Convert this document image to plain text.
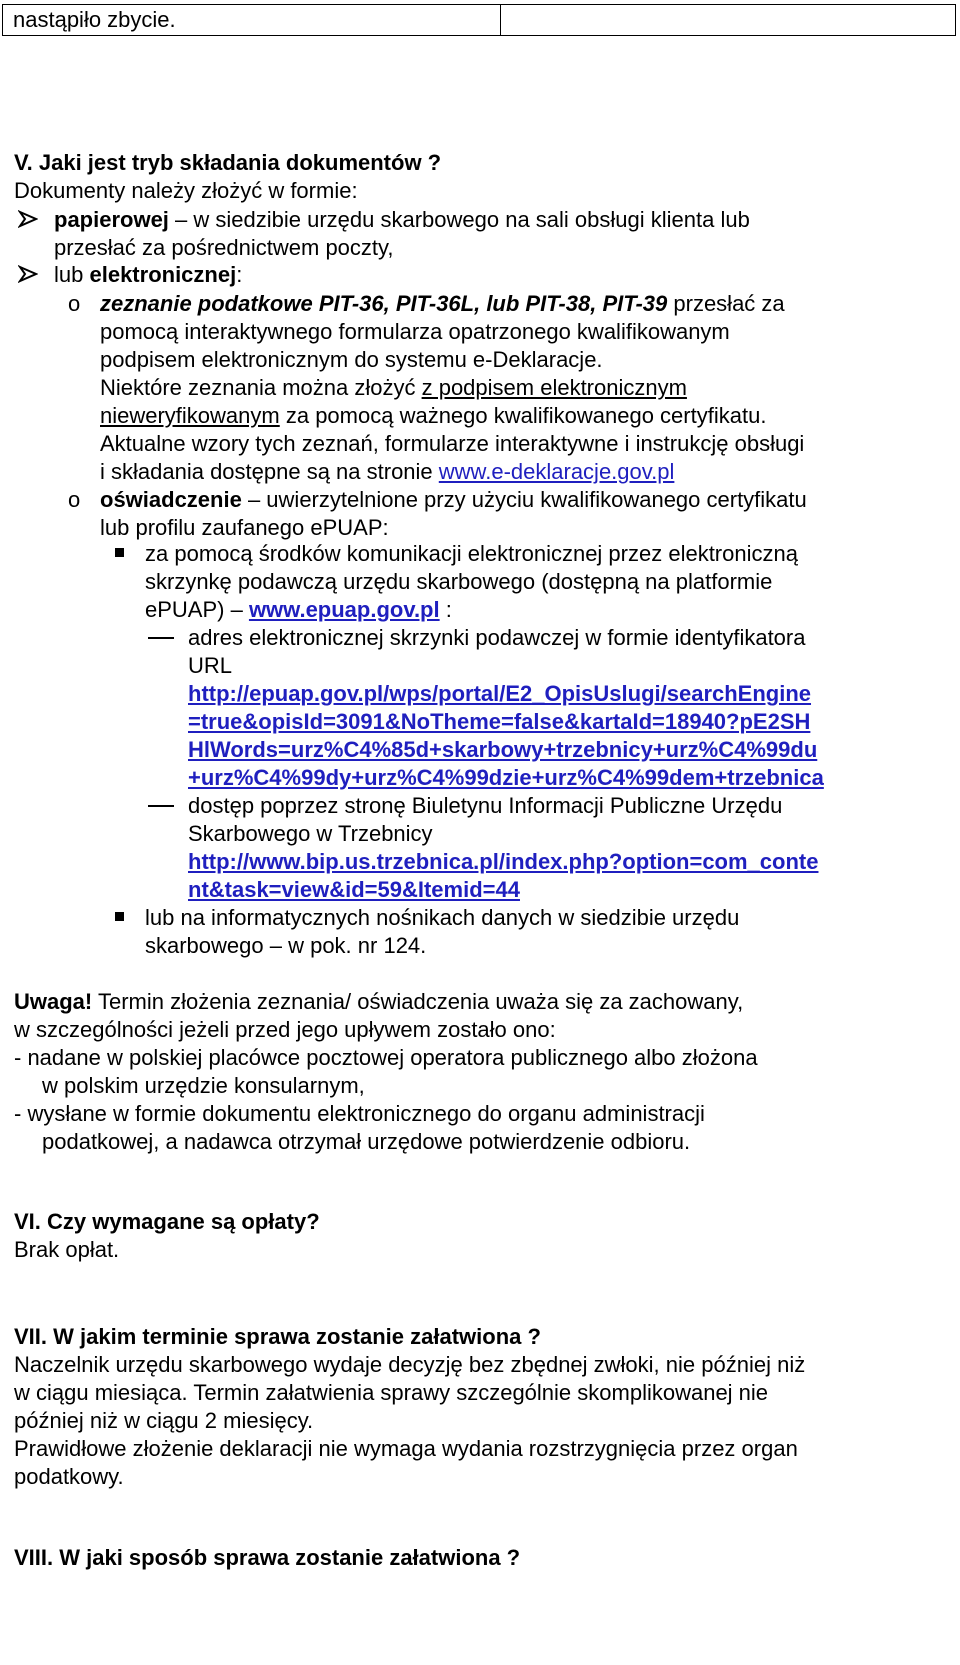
nastąpiło zbycie.	
V. Jaki jest tryb składania dokumentów ?
Dokumenty należy złożyć w formie:
papierowej – w siedzibie urzędu skarbowego na sali obsługi klienta lub
przesłać za pośrednictwem poczty,
lub elektronicznej:
o zeznanie podatkowe PIT-36, PIT-36L, lub PIT-38, PIT-39 przesłać za
pomocą interaktywnego formularza opatrzonego kwalifikowanym
podpisem elektronicznym do systemu e-Deklaracje.
Niektóre zeznania można złożyć z podpisem elektronicznym
nieweryfikowanym za pomocą ważnego kwalifikowanego certyfikatu.
Aktualne wzory tych zeznań, formularze interaktywne i instrukcję obsługi
i składania dostępne są na stronie www.e-deklaracje.gov.pl
o oświadczenie – uwierzytelnione przy użyciu kwalifikowanego certyfikatu
lub profilu zaufanego ePUAP:
za pomocą środków komunikacji elektronicznej przez elektroniczną
skrzynkę podawczą urzędu skarbowego (dostępną na platformie
ePUAP) – www.epuap.gov.pl :
adres elektronicznej skrzynki podawczej w formie identyfikatora
URL
http://epuap.gov.pl/wps/portal/E2_OpisUslugi/searchEngine
=true&opisId=3091&NoTheme=false&kartaId=18940?pE2SH
HlWords=urz%C4%85d+skarbowy+trzebnicy+urz%C4%99du
+urz%C4%99dy+urz%C4%99dzie+urz%C4%99dem+trzebnica
dostęp poprzez stronę Biuletynu Informacji Publiczne Urzędu
Skarbowego w Trzebnicy
http://www.bip.us.trzebnica.pl/index.php?option=com_conte
nt&task=view&id=59&Itemid=44
lub na informatycznych nośnikach danych w siedzibie urzędu
skarbowego – w pok. nr 124.
Uwaga! Termin złożenia zeznania/ oświadczenia uważa się za zachowany,
w szczególności jeżeli przed jego upływem zostało ono:
- nadane w polskiej placówce pocztowej operatora publicznego albo złożona
w polskim urzędzie konsularnym,
- wysłane w formie dokumentu elektronicznego do organu administracji
podatkowej, a nadawca otrzymał urzędowe potwierdzenie odbioru.
VI. Czy wymagane są opłaty?
Brak opłat.
VII. W jakim terminie sprawa zostanie załatwiona ?
Naczelnik urzędu skarbowego wydaje decyzję bez zbędnej zwłoki, nie później niż
w ciągu miesiąca. Termin załatwienia sprawy szczególnie skomplikowanej nie
później niż w ciągu 2 miesięcy.
Prawidłowe złożenie deklaracji nie wymaga wydania rozstrzygnięcia przez organ
podatkowy.
VIII. W jaki sposób sprawa zostanie załatwiona ?
